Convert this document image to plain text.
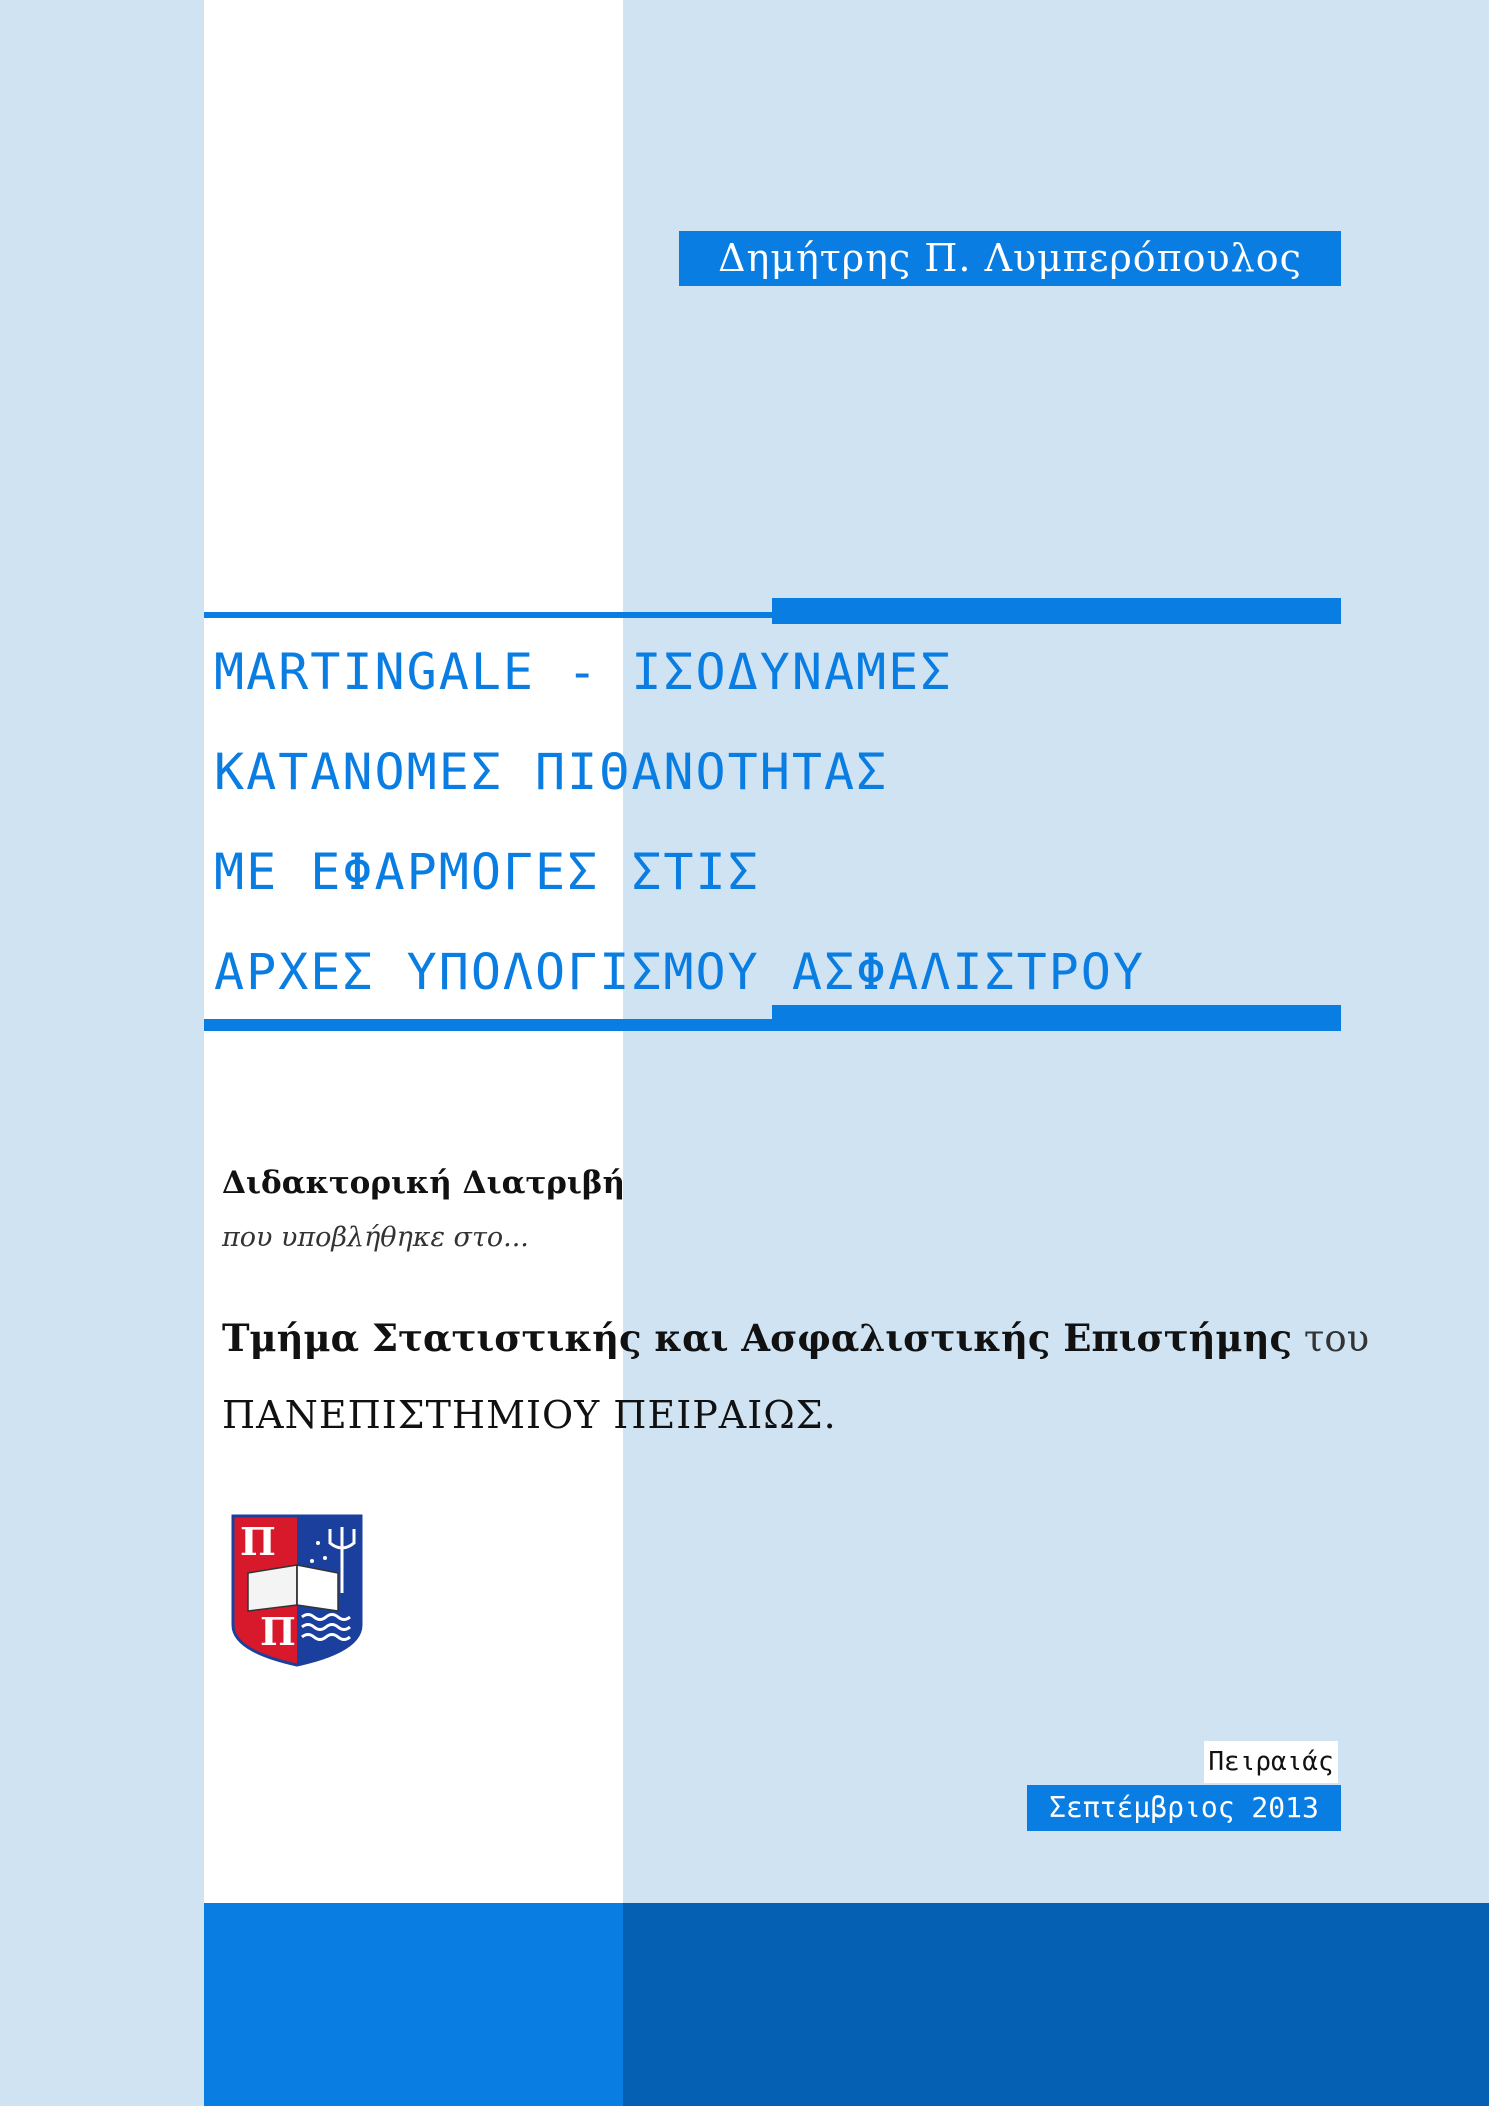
Δημήτρης Π. Λυμπερόπουλος
MARTINGALE - ΙΣΟΔΥΝΑΜΕΣ
ΚΑΤΑΝΟΜΕΣ ΠΙΘΑΝΟΤΗΤΑΣ
ΜΕ ΕΦΑΡΜΟΓΕΣ ΣΤΙΣ
ΑΡΧΕΣ ΥΠΟΛΟΓΙΣΜΟΥ ΑΣΦΑΛΙΣΤΡΟΥ
Διδακτορική Διατριβή
που υποβλήθηκε στο...
Τμήμα Στατιστικής και Ασφαλιστικής Επιστήμης του
ΠΑΝΕΠΙΣΤΗΜΙΟΥ ΠΕΙΡΑΙΩΣ.
Π
Π
Πειραιάς
Σεπτέμβριος 2013
